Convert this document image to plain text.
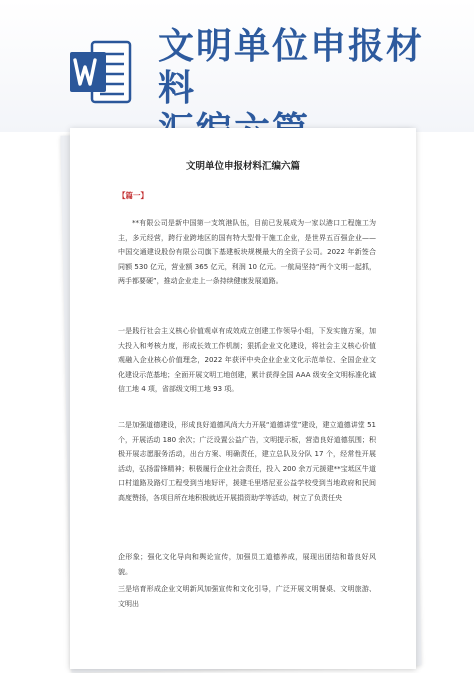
文明单位申报材料
文明单位申报材料汇编六篇
【篇一】

**有限公司是新中国第一支筑港队伍，目前已发展成为一家以港口工程施工为主，多元经营，跨行业跨地区的国有特大型骨干施工企业，是世界五百强企业——中国交通建设股份有限公司旗下基建板块规模最大的全资子公司。2022 年新签合同额 530 亿元，营业额 365 亿元，利润 10 亿元。一航局坚持“两个文明一起抓，两手都要硬”，推动企业走上一条持续健康发展道路。

一是践行社会主义核心价值观卓有成效成立创建工作领导小组，下发实施方案，加大投入和考核力度，形成长效工作机制；狠抓企业文化建设，将社会主义核心价值观融入企业核心价值理念，2022 年获评中央企业企业文化示范单位、全国企业文化建设示范基地；全面开展文明工地创建，累计获得全国 AAA 级安全文明标准化诚信工地 4 项，省部级文明工地 93 项。

二是加强道德建设，形成良好道德风尚大力开展“道德讲堂”建设，建立道德讲堂 51 个，开展活动 180 余次；广泛设置公益广告，文明提示板，营造良好道德氛围；积极开展志愿服务活动，出台方案、明确责任，建立总队及分队 17 个，经常性开展活动，弘扬雷锋精神；积极履行企业社会责任，投入 200 余万元援建**宝坻区牛道口村道路及路灯工程受到当地好评，援建毛里塔尼亚公益学校受到当地政府和民间高度赞扬，各项目所在地积极就近开展捐资助学等活动，树立了负责任央

企形象；强化文化导向和舆论宣传，加强员工道德养成，展现出团结和谐良好风貌。

三是培育形成企业文明新风加强宣传和文化引导，广泛开展文明餐桌、文明旅游、文明出
